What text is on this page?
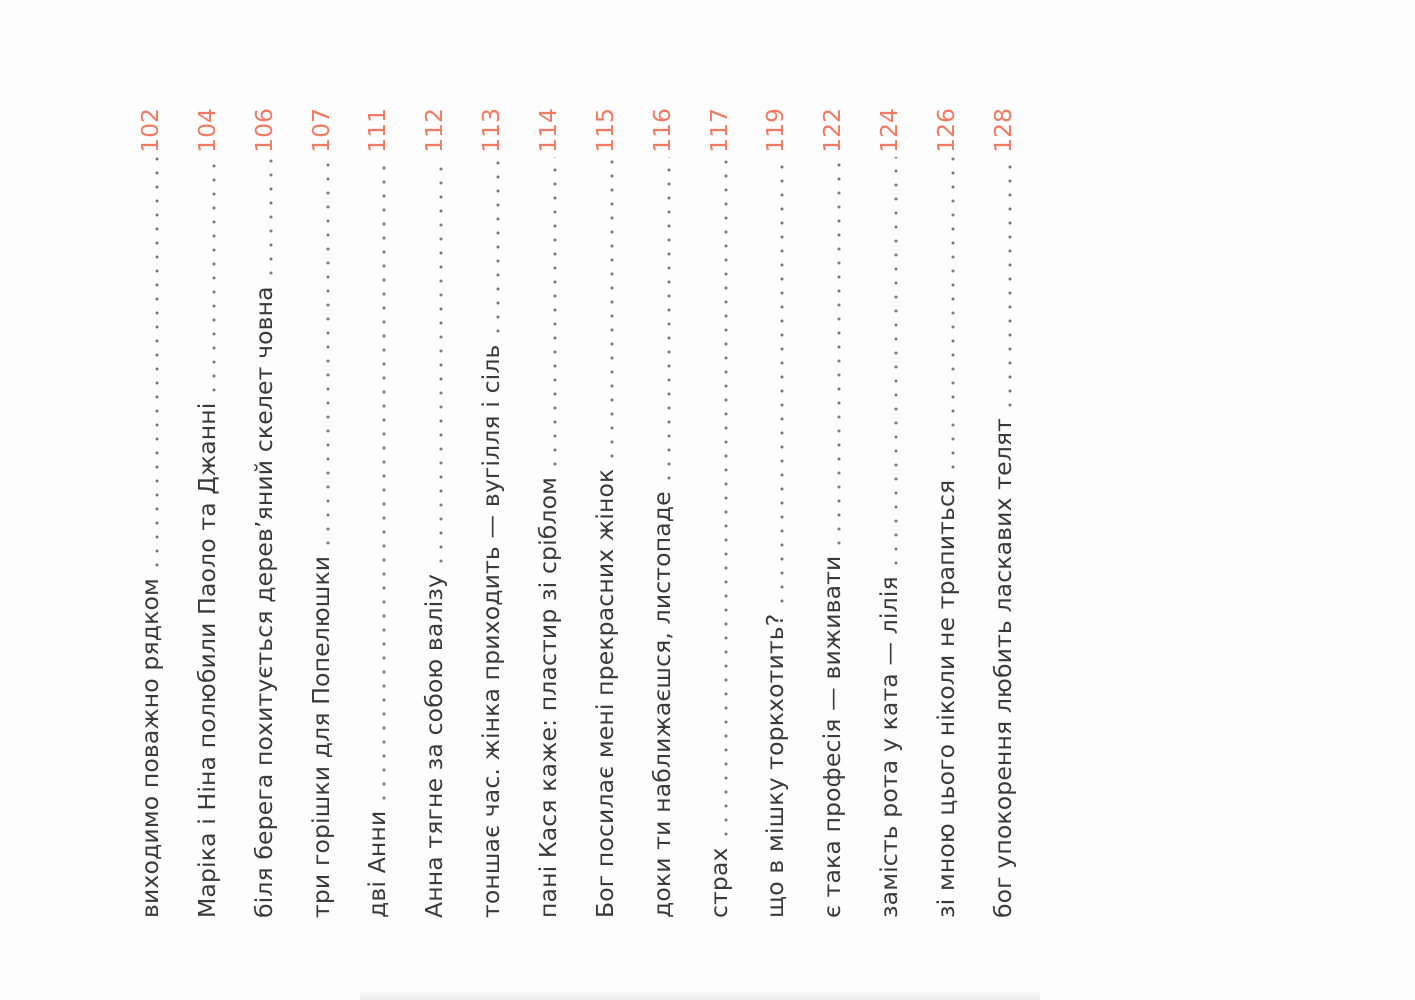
виходимо поважно рядком
102
Маріка і Ніна полюбили Паоло та Джанні
104
біля берега похитується дерев’яний скелет човна
106
три горішки для Попелюшки
107
дві Анни
111
Анна тягне за собою валізу
112
тоншає час. жінка приходить — вугілля і сіль
113
пані Кася каже: пластир зі сріблом
114
Бог посилає мені прекрасних жінок
115
доки ти наближаєшся, листопаде
116
страх
117
що в мішку торкхотить?
119
є така професія — виживати
122
замість рота у ката — лілія
124
зі мною цього ніколи не трапиться
126
бог упокорення любить ласкавих телят
128
